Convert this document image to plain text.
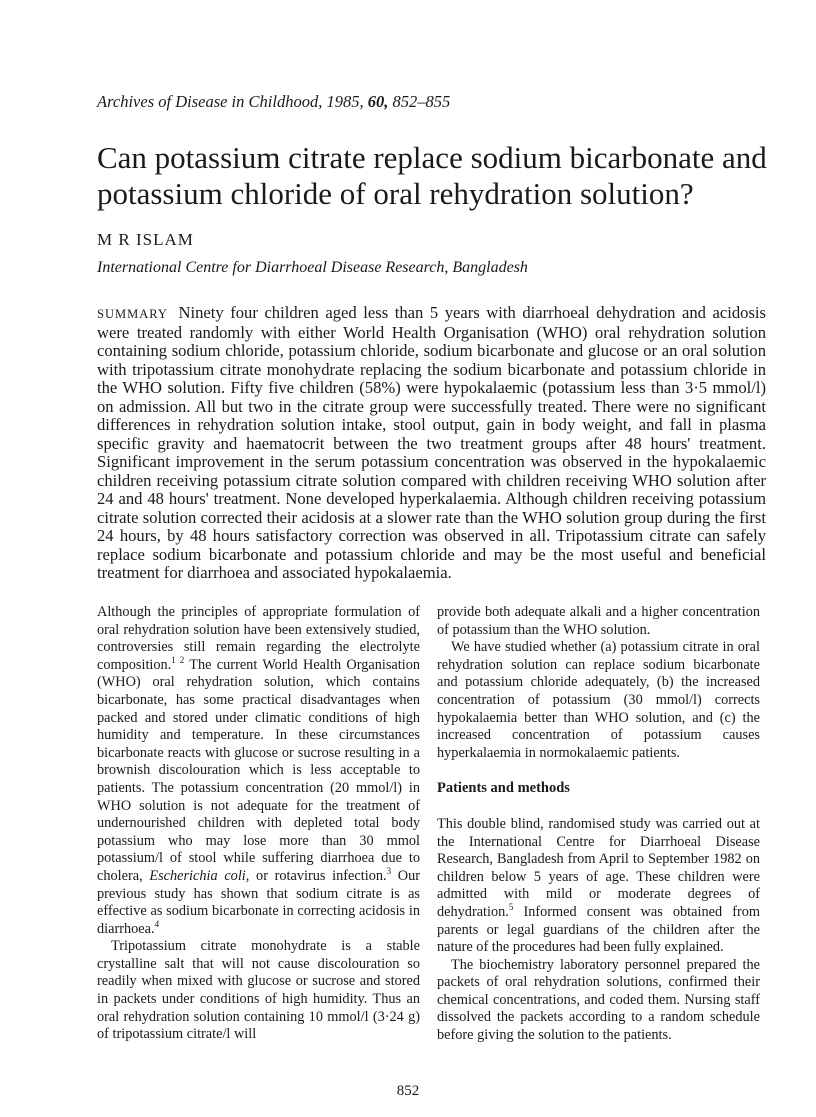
Archives of Disease in Childhood, 1985, 60, 852–855
Can potassium citrate replace sodium bicarbonate and potassium chloride of oral rehydration solution?
M R ISLAM
International Centre for Diarrhoeal Disease Research, Bangladesh

SUMMARY Ninety four children aged less than 5 years with diarrhoeal dehydration and acidosis were treated randomly with either World Health Organisation (WHO) oral rehydration solution containing sodium chloride, potassium chloride, sodium bicarbonate and glucose or an oral solution with tripotassium citrate monohydrate replacing the sodium bicarbonate and potassium chloride in the WHO solution. Fifty five children (58%) were hypokalaemic (potassium less than 3·5 mmol/l) on admission. All but two in the citrate group were successfully treated. There were no significant differences in rehydration solution intake, stool output, gain in body weight, and fall in plasma specific gravity and haematocrit between the two treatment groups after 48 hours' treatment. Significant improvement in the serum potassium concentration was observed in the hypokalaemic children receiving potassium citrate solution compared with children receiving WHO solution after 24 and 48 hours' treatment. None developed hyperkalaemia. Although children receiving potassium citrate solution corrected their acidosis at a slower rate than the WHO solution group during the first 24 hours, by 48 hours satisfactory correction was observed in all. Tripotassium citrate can safely replace sodium bicarbonate and potassium chloride and may be the most useful and beneficial treatment for diarrhoea and associated hypokalaemia.

Although the principles of appropriate formulation of oral rehydration solution have been extensively studied, controversies still remain regarding the electrolyte composition.$^{1 2}$ The current World Health Organisation (WHO) oral rehydration solution, which contains bicarbonate, has some practical disadvantages when packed and stored under climatic conditions of high humidity and temperature. In these circumstances bicarbonate reacts with glucose or sucrose resulting in a brownish discolouration which is less acceptable to patients. The potassium concentration (20 mmol/l) in WHO solution is not adequate for the treatment of undernourished children with depleted total body potassium who may lose more than 30 mmol potassium/l of stool while suffering diarrhoea due to cholera, Escherichia coli, or rotavirus infection.$^3$ Our previous study has shown that sodium citrate is as effective as sodium bicarbonate in correcting acidosis in diarrhoea.$^4$

Tripotassium citrate monohydrate is a stable crystalline salt that will not cause discolouration so readily when mixed with glucose or sucrose and stored in packets under conditions of high humidity. Thus an oral rehydration solution containing 10 mmol/l (3·24 g) of tripotassium citrate/l will

provide both adequate alkali and a higher concentration of potassium than the WHO solution.

We have studied whether (a) potassium citrate in oral rehydration solution can replace sodium bicarbonate and potassium chloride adequately, (b) the increased concentration of potassium (30 mmol/l) corrects hypokalaemia better than WHO solution, and (c) the increased concentration of potassium causes hyperkalaemia in normokalaemic patients.

Patients and methods

This double blind, randomised study was carried out at the International Centre for Diarrhoeal Disease Research, Bangladesh from April to September 1982 on children below 5 years of age. These children were admitted with mild or moderate degrees of dehydration.$^5$ Informed consent was obtained from parents or legal guardians of the children after the nature of the procedures had been fully explained.

The biochemistry laboratory personnel prepared the packets of oral rehydration solutions, confirmed their chemical concentrations, and coded them. Nursing staff dissolved the packets according to a random schedule before giving the solution to the patients.

852
